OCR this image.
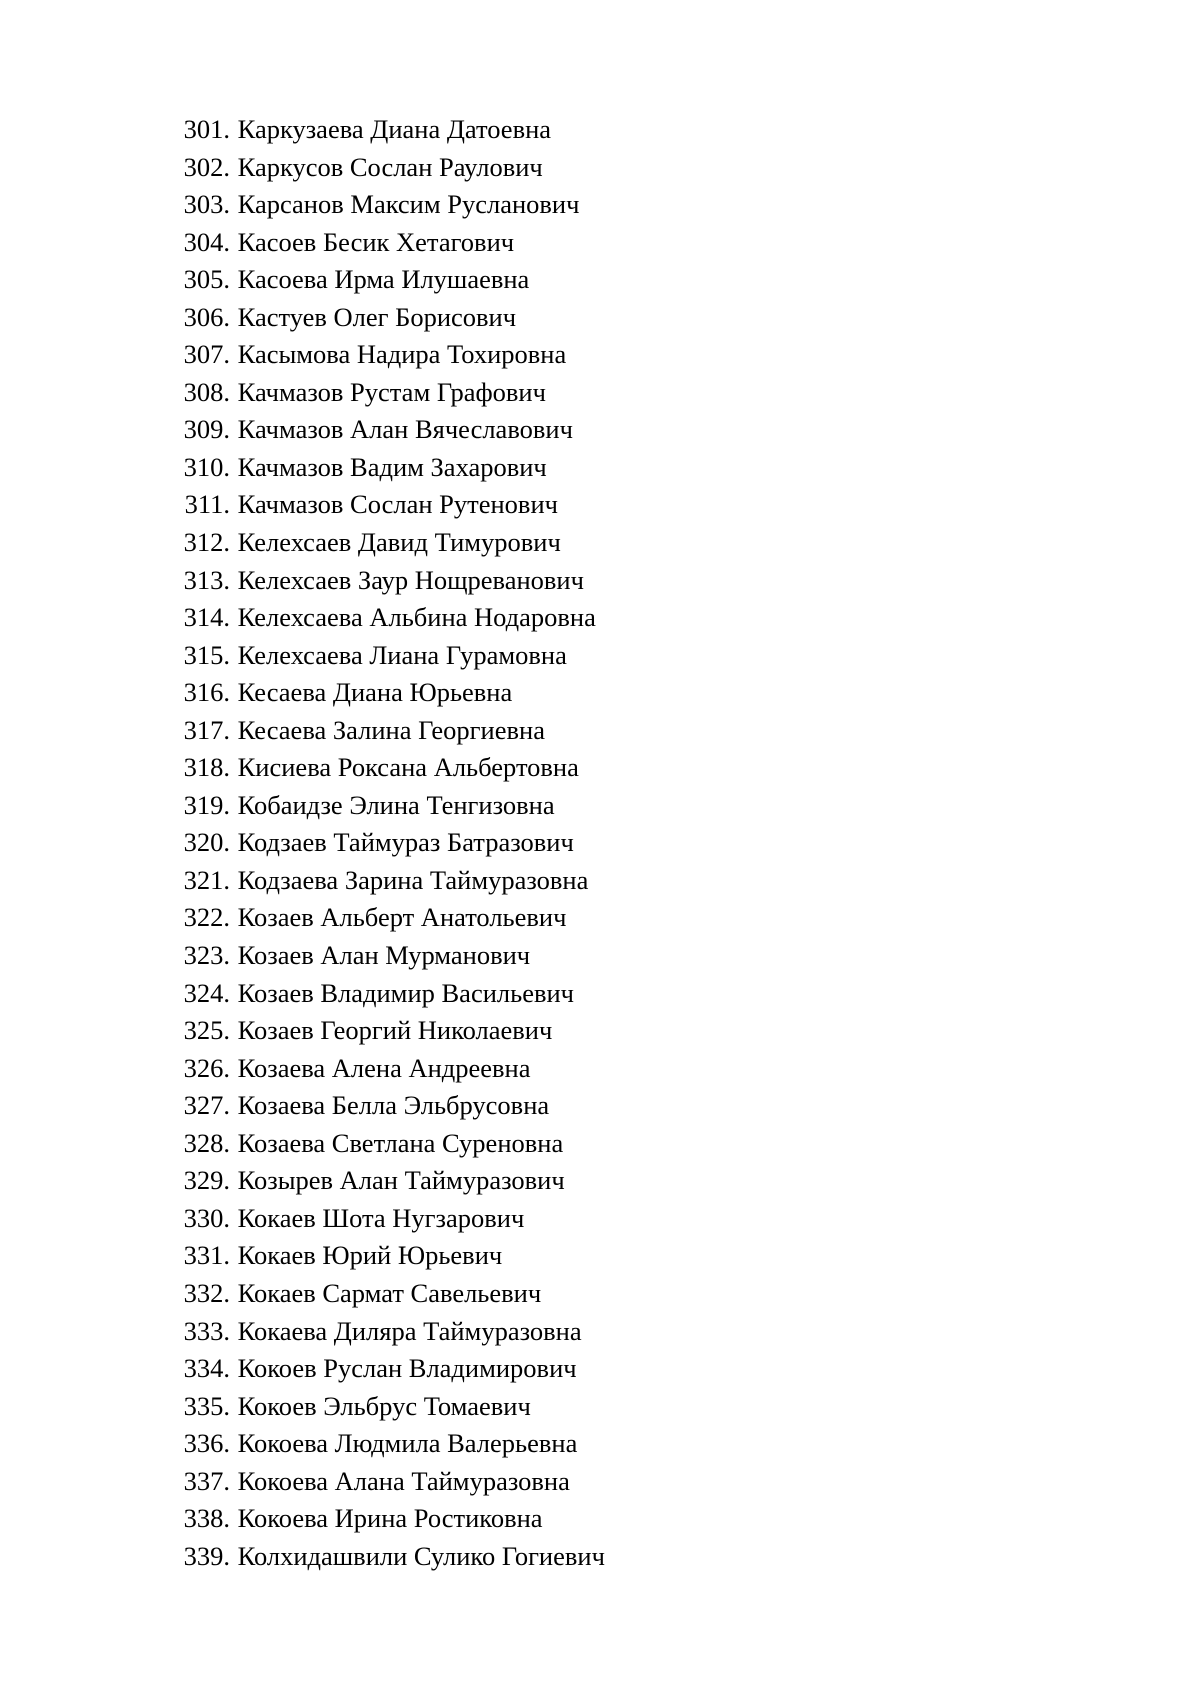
301. Каркузаева Диана Датоевна
302. Каркусов Сослан Раулович
303. Карсанов Максим Русланович
304. Касоев Бесик Хетагович
305. Касоева Ирма Илушаевна
306. Кастуев Олег Борисович
307. Касымова Надира Тохировна
308. Качмазов Рустам Графович
309. Качмазов Алан Вячеславович
310. Качмазов Вадим Захарович
311. Качмазов Сослан Рутенович
312. Келехсаев Давид Тимурович
313. Келехсаев Заур Нощреванович
314. Келехсаева Альбина Нодаровна
315. Келехсаева Лиана Гурамовна
316. Кесаева Диана Юрьевна
317. Кесаева Залина Георгиевна
318. Кисиева Роксана Альбертовна
319. Кобаидзе Элина Тенгизовна
320. Кодзаев Таймураз Батразович
321. Кодзаева Зарина Таймуразовна
322. Козаев Альберт Анатольевич
323. Козаев Алан Мурманович
324. Козаев Владимир Васильевич
325. Козаев Георгий Николаевич
326. Козаева Алена Андреевна
327. Козаева Белла Эльбрусовна
328. Козаева Светлана Суреновна
329. Козырев Алан Таймуразович
330. Кокаев Шота Нугзарович
331. Кокаев Юрий Юрьевич
332. Кокаев Сармат Савельевич
333. Кокаева Диляра Таймуразовна
334. Кокоев Руслан Владимирович
335. Кокоев Эльбрус Томаевич
336. Кокоева Людмила Валерьевна
337. Кокоева Алана Таймуразовна
338. Кокоева Ирина Ростиковна
339. Колхидашвили Сулико Гогиевич
